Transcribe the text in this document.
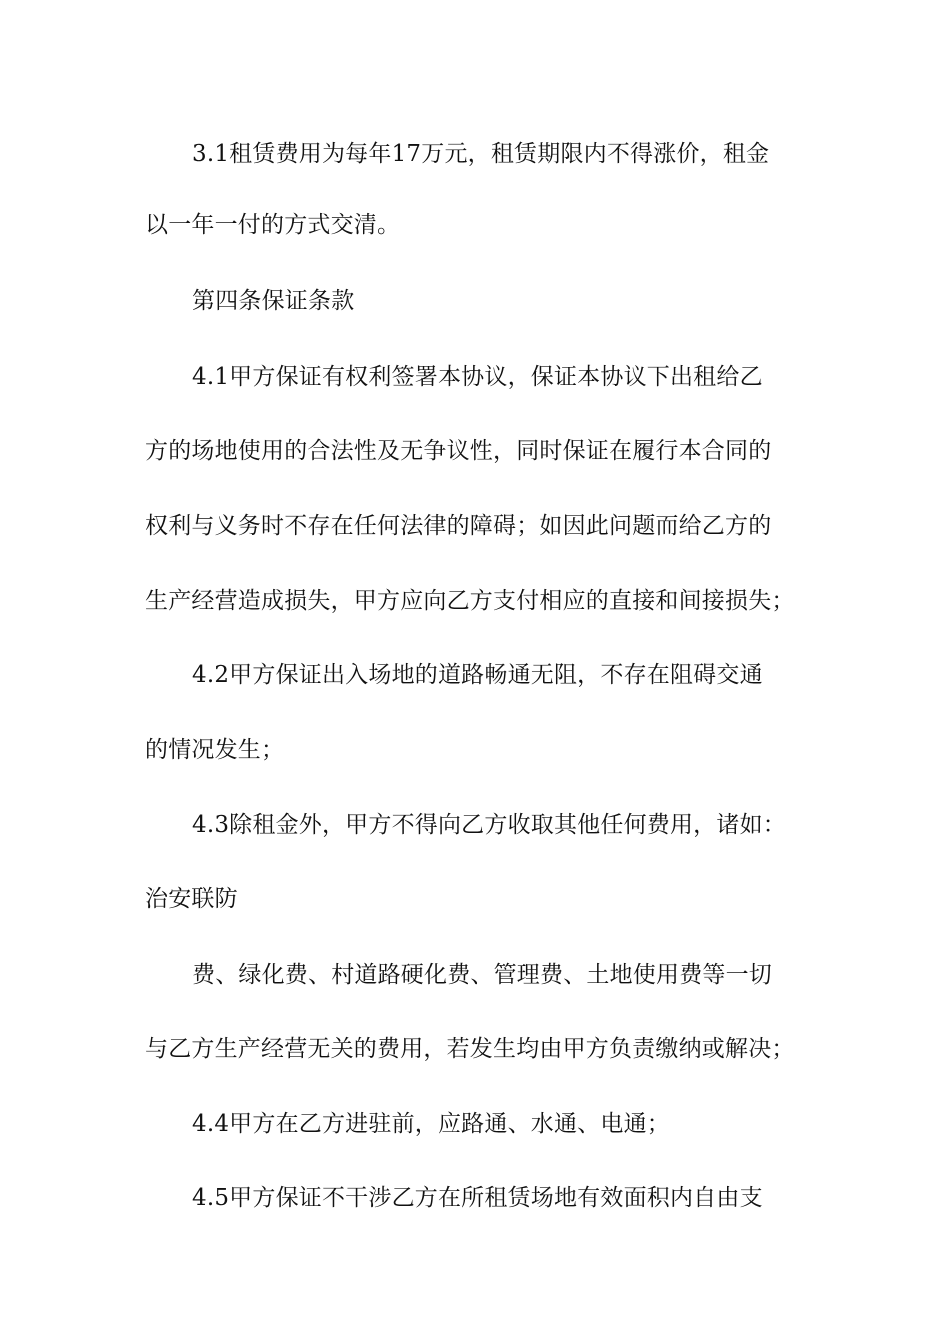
3.1租赁费用为每年17万元，租赁期限内不得涨价，租金
以一年一付的方式交清。
第四条保证条款
4.1甲方保证有权利签署本协议，保证本协议下出租给乙
方的场地使用的合法性及无争议性，同时保证在履行本合同的
权利与义务时不存在任何法律的障碍；如因此问题而给乙方的
生产经营造成损失，甲方应向乙方支付相应的直接和间接损失；
4.2甲方保证出入场地的道路畅通无阻，不存在阻碍交通
的情况发生；
4.3除租金外，甲方不得向乙方收取其他任何费用，诸如：
治安联防
费、绿化费、村道路硬化费、管理费、土地使用费等一切
与乙方生产经营无关的费用，若发生均由甲方负责缴纳或解决；
4.4甲方在乙方进驻前，应路通、水通、电通；
4.5甲方保证不干涉乙方在所租赁场地有效面积内自由支
